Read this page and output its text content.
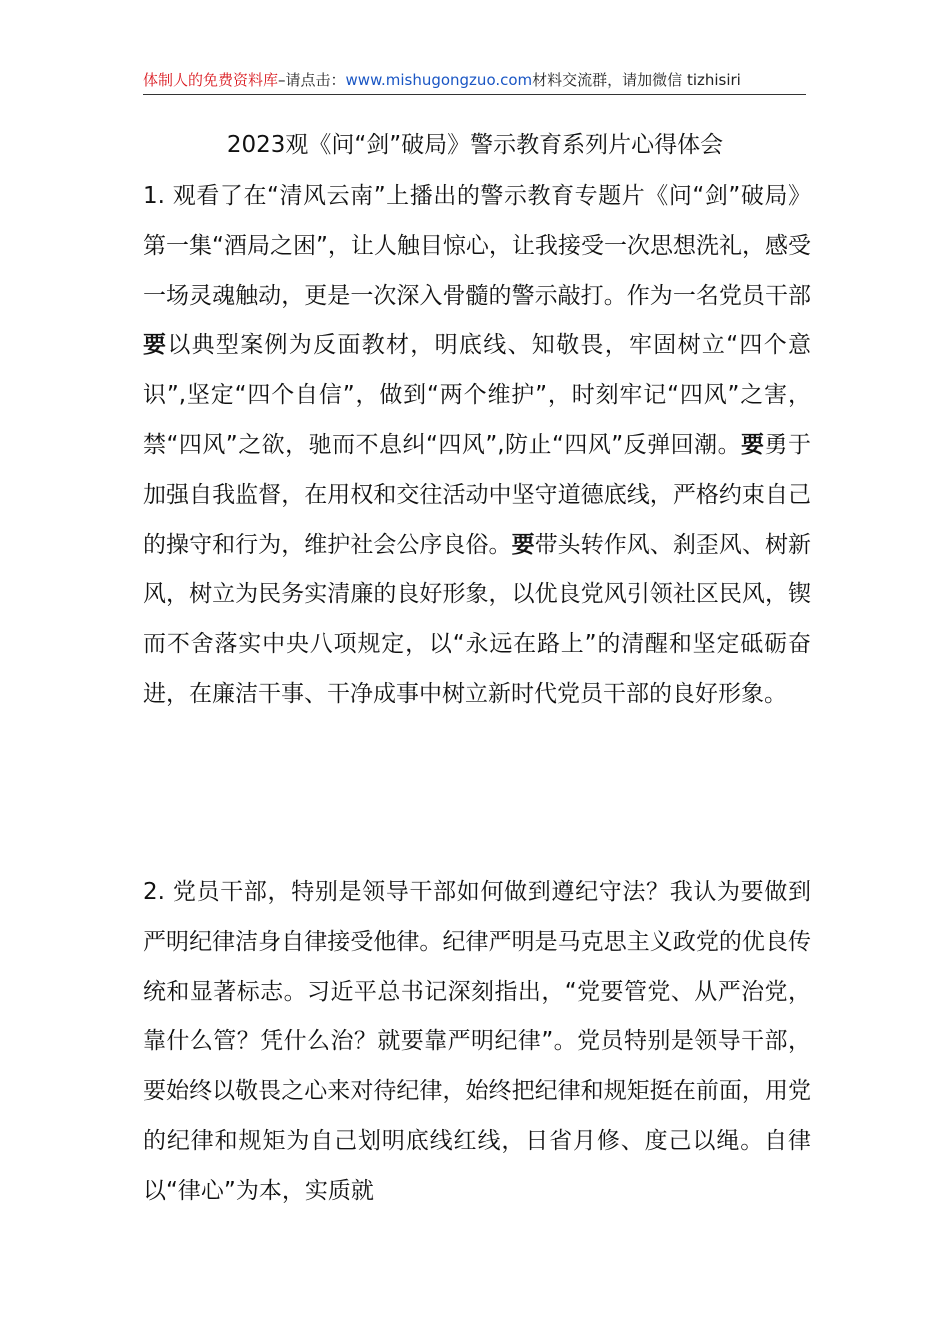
体制人的免费资料库–请点击：www.mishugongzuo.com材料交流群，请加微信 tizhisiri
2023观《问“剑”破局》警示教育系列片心得体会
1. 观看了在“清风云南”上播出的警示教育专题片《问“剑”破局》第一集“酒局之困”，让人触目惊心，让我接受一次思想洗礼，感受一场灵魂触动，更是一次深入骨髓的警示敲打。作为一名党员干部要以典型案例为反面教材，明底线、知敬畏，牢固树立“四个意识”,坚定“四个自信”，做到“两个维护”，时刻牢记“四风”之害，禁“四风”之欲，驰而不息纠“四风”,防止“四风”反弹回潮。要勇于加强自我监督，在用权和交往活动中坚守道德底线，严格约束自己的操守和行为，维护社会公序良俗。要带头转作风、刹歪风、树新风，树立为民务实清廉的良好形象，以优良党风引领社区民风，锲而不舍落实中央八项规定，以“永远在路上”的清醒和坚定砥砺奋进，在廉洁干事、干净成事中树立新时代党员干部的良好形象。
2. 党员干部，特别是领导干部如何做到遵纪守法？我认为要做到严明纪律洁身自律接受他律。纪律严明是马克思主义政党的优良传统和显著标志。习近平总书记深刻指出，“党要管党、从严治党，靠什么管？凭什么治？就要靠严明纪律”。党员特别是领导干部，要始终以敬畏之心来对待纪律，始终把纪律和规矩挺在前面，用党的纪律和规矩为自己划明底线红线，日省月修、度己以绳。自律以“律心”为本，实质就
